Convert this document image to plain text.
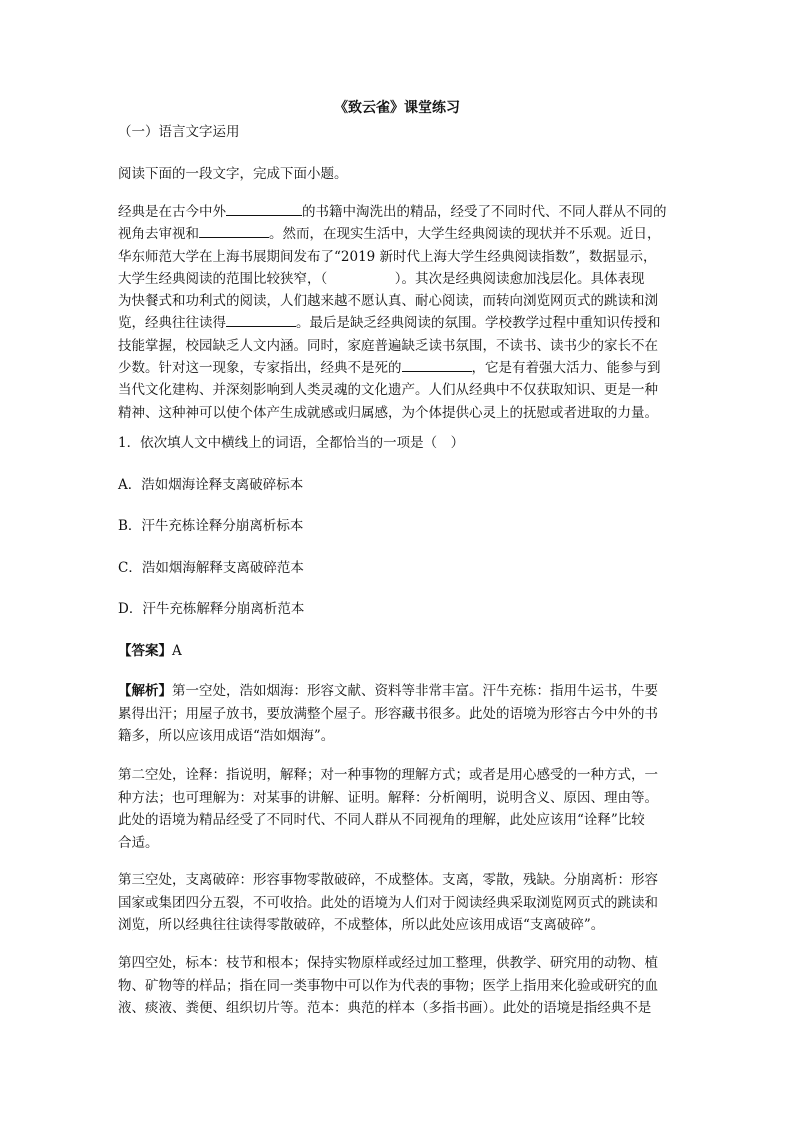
《致云雀》课堂练习
（一）语言文字运用
阅读下面的一段文字，完成下面小题。
经典是在古今中外	的书籍中淘洗出的精品，经受了不同时代、不同人群从不同的
视角去审视和	。然而，在现实生活中，大学生经典阅读的现状并不乐观。近日，
华东师范大学在上海书展期间发布了“2019 新时代上海大学生经典阅读指数”，数据显示，
大学生经典阅读的范围比较狭窄，（　　　　　）。其次是经典阅读愈加浅层化。具体表现
为快餐式和功利式的阅读，人们越来越不愿认真、耐心阅读，而转向浏览网页式的跳读和浏
览，经典往往读得	。最后是缺乏经典阅读的氛围。学校教学过程中重知识传授和
技能掌握，校园缺乏人文内涵。同时，家庭普遍缺乏读书氛围，不读书、读书少的家长不在
少数。针对这一现象，专家指出，经典不是死的	，它是有着强大活力、能参与到
当代文化建构、并深刻影响到人类灵魂的文化遗产。人们从经典中不仅获取知识、更是一种
精神、这种神可以使个体产生成就感或归属感，为个体提供心灵上的抚慰或者进取的力量。
1．依次填人文中横线上的词语，全都恰当的一项是（　）
A．浩如烟海诠释支离破碎标本
B．汗牛充栋诠释分崩离析标本
C．浩如烟海解释支离破碎范本
D．汗牛充栋解释分崩离析范本
【答案】A
【解析】第一空处，浩如烟海：形容文献、资料等非常丰富。汗牛充栋：指用牛运书，牛要
累得出汗；用屋子放书，要放满整个屋子。形容藏书很多。此处的语境为形容古今中外的书
籍多，所以应该用成语“浩如烟海”。
第二空处，诠释：指说明，解释；对一种事物的理解方式；或者是用心感受的一种方式，一
种方法；也可理解为：对某事的讲解、证明。解释：分析阐明，说明含义、原因、理由等。
此处的语境为精品经受了不同时代、不同人群从不同视角的理解，此处应该用“诠释”比较
合适。
第三空处，支离破碎：形容事物零散破碎，不成整体。支离，零散，残缺。分崩离析：形容
国家或集团四分五裂，不可收拾。此处的语境为人们对于阅读经典采取浏览网页式的跳读和
浏览，所以经典往往读得零散破碎，不成整体，所以此处应该用成语“支离破碎”。
第四空处，标本：枝节和根本；保持实物原样或经过加工整理，供教学、研究用的动物、植
物、矿物等的样品；指在同一类事物中可以作为代表的事物；医学上指用来化验或研究的血
液、痰液、粪便、组织切片等。范本：典范的样本（多指书画）。此处的语境是指经典不是
